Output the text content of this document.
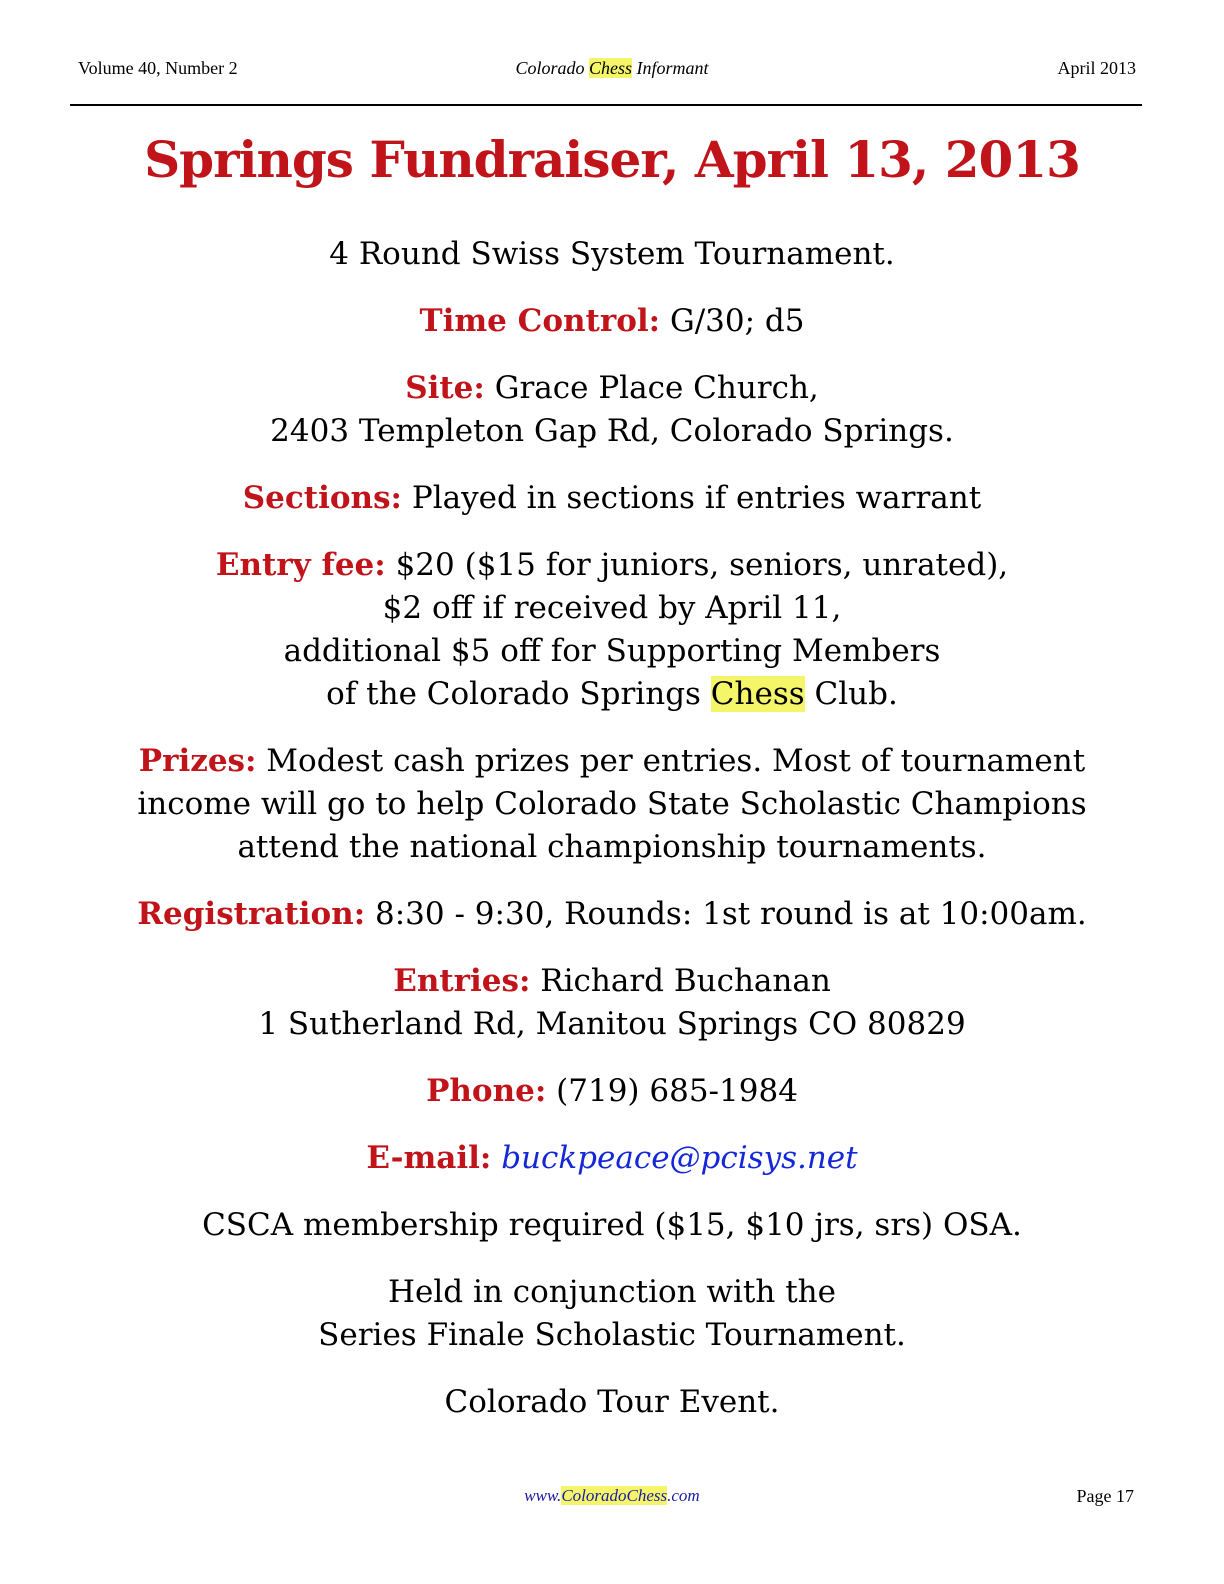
Volume 40, Number 2	Colorado Chess Informant	April 2013
Springs Fundraiser, April 13, 2013

4 Round Swiss System Tournament.

Time Control: G/30; d5

Site: Grace Place Church,
2403 Templeton Gap Rd, Colorado Springs.

Sections: Played in sections if entries warrant

Entry fee: $20 ($15 for juniors, seniors, unrated),
$2 off if received by April 11,
additional $5 off for Supporting Members
of the Colorado Springs Chess Club.

Prizes: Modest cash prizes per entries. Most of tournament
income will go to help Colorado State Scholastic Champions
attend the national championship tournaments.

Registration: 8:30 - 9:30, Rounds: 1st round is at 10:00am.

Entries: Richard Buchanan
1 Sutherland Rd, Manitou Springs CO 80829

Phone: (719) 685-1984

E-mail: buckpeace@pcisys.net

CSCA membership required ($15, $10 jrs, srs) OSA.

Held in conjunction with the
Series Finale Scholastic Tournament.

Colorado Tour Event.

www.ColoradoChess.com	Page 17
